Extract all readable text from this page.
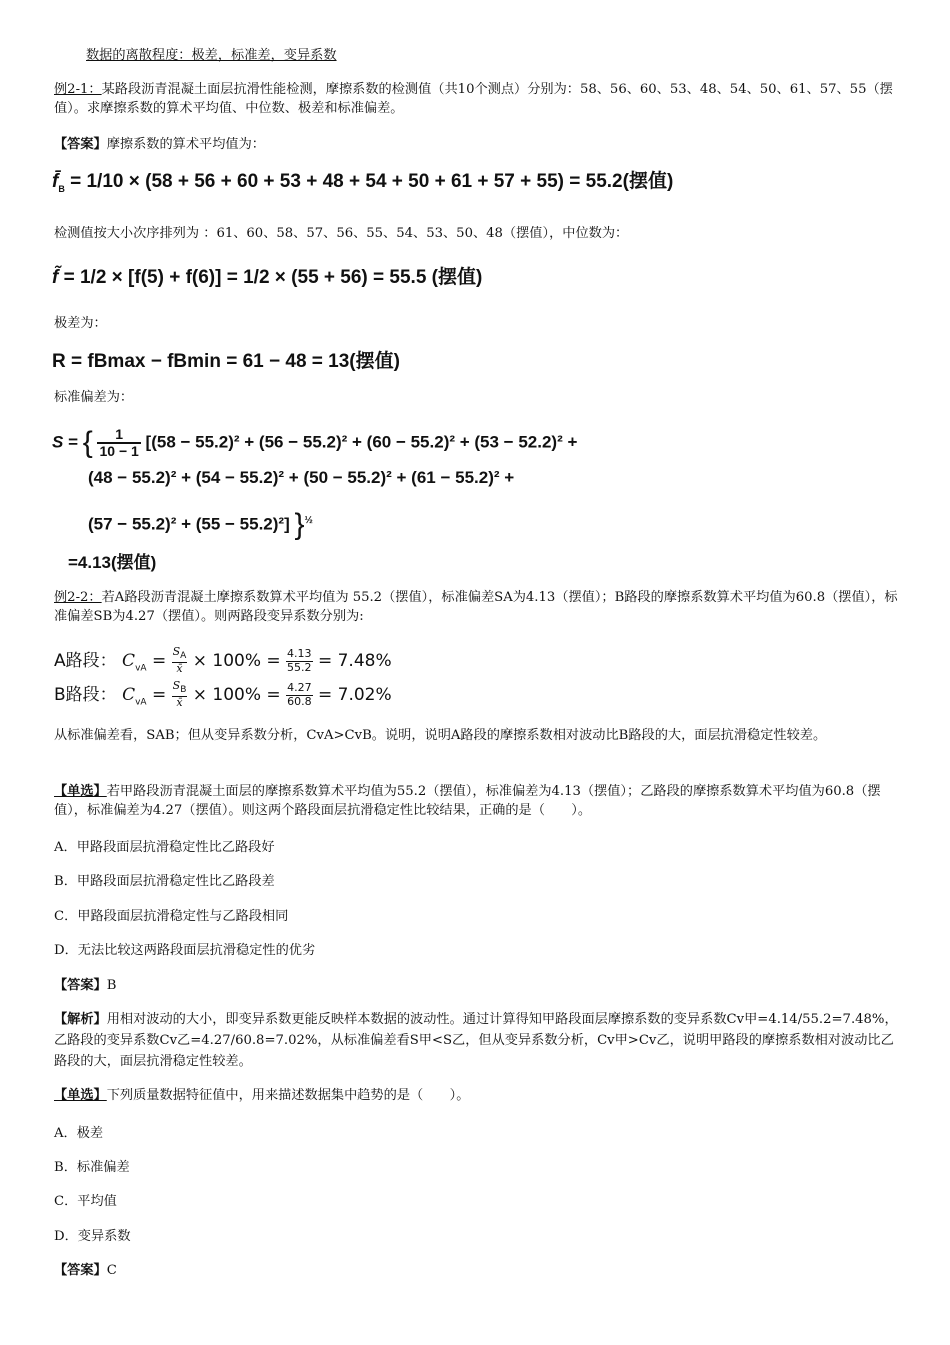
数据的离散程度：极差，标准差，变异系数
例2-1：某路段沥青混凝土面层抗滑性能检测，摩擦系数的检测值（共10个测点）分别为：58、56、60、53、48、54、50、61、57、55（摆值）。求摩擦系数的算术平均值、中位数、极差和标准偏差。
【答案】摩擦系数的算术平均值为：
$f̄_B = 1/10 \times (58 + 56 + 60 + 53 + 48 + 54 + 50 + 61 + 57 + 55) = 55.2$(摆值)
检测值按大小次序排列为 ：61、60、58、57、56、55、54、53、50、48（摆值），中位数为：
f̃ = 1/2 × [f(5) + f(6)] = 1/2 × (55 + 56) = 55.5 (摆值)
极差为：
R = fBmax − fBmin = 61 − 48 = 13(摆值)
标准偏差为：
S = { $\frac{1}{10 - 1} [(58 - 55.2)^2 + (56 - 55.2)^2 + (60 - 55.2)^2 + (53 - 52.2)^2$ +
(48 − 55.2)² + (54 − 55.2)² + (50 − 55.2)² + (61 − 55.2)² +
(57 − 55.2)² + (55 − 55.2)²] }$^{\frac{1}{2}}$
=4.13(摆值)
例2-2：若A路段沥青混凝土摩擦系数算术平均值为 55.2（摆值），标准偏差SA为4.13（摆值）；B路段的摩擦系数算术平均值为60.8（摆值），标准偏差SB为4.27（摆值）。则两路段变异系数分别为:
A路段： $C_{vA} = \frac{S_A}{x̄} \times 100\% = \frac{4.13}{55.2} = 7.48\%$
B路段： $C_{vA} = \frac{S_B}{x̄} \times 100\% = \frac{4.27}{60.8} = 7.02\%$
从标准偏差看，SAB；但从变异系数分析，CvA>CvB。说明，说明A路段的摩擦系数相对波动比B路段的大，面层抗滑稳定性较差。
【单选】若甲路段沥青混凝土面层的摩擦系数算术平均值为55.2（摆值），标准偏差为4.13（摆值）；乙路段的摩擦系数算术平均值为60.8（摆值），标准偏差为4.27（摆值）。则这两个路段面层抗滑稳定性比较结果，正确的是（　　）。
A．甲路段面层抗滑稳定性比乙路段好
B．甲路段面层抗滑稳定性比乙路段差
C．甲路段面层抗滑稳定性与乙路段相同
D．无法比较这两路段面层抗滑稳定性的优劣
【答案】B
【解析】用相对波动的大小，即变异系数更能反映样本数据的波动性。通过计算得知甲路段面层摩擦系数的变异系数Cv甲=4.14/55.2=7.48%，乙路段的变异系数Cv乙=4.27/60.8=7.02%，从标准偏差看S甲<S乙，但从变异系数分析，Cv甲>Cv乙，说明甲路段的摩擦系数相对波动比乙路段的大，面层抗滑稳定性较差。
【单选】下列质量数据特征值中，用来描述数据集中趋势的是（　　）。
A．极差
B．标准偏差
C．平均值
D．变异系数
【答案】C
